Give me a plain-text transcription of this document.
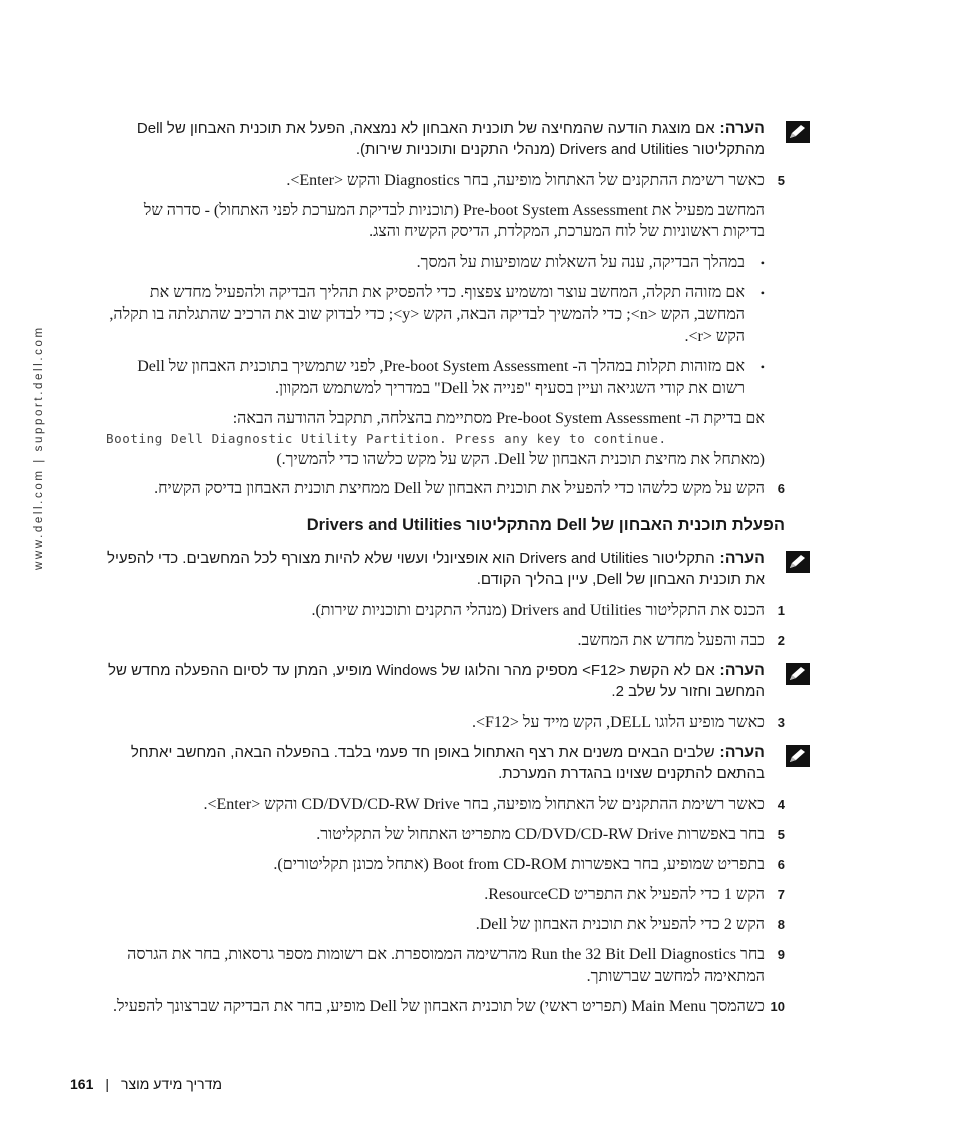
www.dell.com | support.dell.com
הערה: אם מוצגת הודעה שהמחיצה של תוכנית האבחון לא נמצאה, הפעל את תוכנית האבחון של Dell מהתקליטור Drivers and Utilities (מנהלי התקנים ותוכניות שירות).
5
כאשר רשימת ההתקנים של האתחול מופיעה, בחר Diagnostics והקש <Enter>.
המחשב מפעיל את Pre-boot System Assessment (תוכניות לבדיקת המערכת לפני האתחול) - סדרה של בדיקות ראשוניות של לוח המערכת, המקלדת, הדיסק הקשיח והצג.
• במהלך הבדיקה, ענה על השאלות שמופיעות על המסך.
• אם מזוהה תקלה, המחשב עוצר ומשמיע צפצוף. כדי להפסיק את תהליך הבדיקה ולהפעיל מחדש את המחשב, הקש <n>; כדי להמשיך לבדיקה הבאה, הקש <y>; כדי לבדוק שוב את הרכיב שהתגלתה בו תקלה, הקש <r>.
• אם מזוהות תקלות במהלך ה- Pre-boot System Assessment, לפני שתמשיך בתוכנית האבחון של Dell רשום את קודי השגיאה ועיין בסעיף "פנייה אל Dell" במדריך למשתמש המקוון.
אם בדיקת ה- Pre-boot System Assessment מסתיימת בהצלחה, תתקבל ההודעה הבאה:
Booting Dell Diagnostic Utility Partition. Press any key to continue.
(מאתחל את מחיצת תוכנית האבחון של Dell. הקש על מקש כלשהו כדי להמשיך.)
6
הקש על מקש כלשהו כדי להפעיל את תוכנית האבחון של Dell ממחיצת תוכנית האבחון בדיסק הקשיח.
הפעלת תוכנית האבחון של Dell מהתקליטור Drivers and Utilities
הערה: התקליטור Drivers and Utilities הוא אופציונלי ועשוי שלא להיות מצורף לכל המחשבים. כדי להפעיל את תוכנית האבחון של Dell, עיין בהליך הקודם.
1
הכנס את התקליטור Drivers and Utilities (מנהלי התקנים ותוכניות שירות).
2
כבה והפעל מחדש את המחשב.
הערה: אם לא הקשת <F12> מספיק מהר והלוגו של Windows מופיע, המתן עד לסיום ההפעלה מחדש של המחשב וחזור על שלב 2.
3
כאשר מופיע הלוגו DELL, הקש מייד על <F12>.
הערה: שלבים הבאים משנים את רצף האתחול באופן חד פעמי בלבד. בהפעלה הבאה, המחשב יאתחל בהתאם להתקנים שצוינו בהגדרת המערכת.
4
כאשר רשימת ההתקנים של האתחול מופיעה, בחר CD/DVD/CD-RW Drive והקש <Enter>.
5
בחר באפשרות CD/DVD/CD-RW Drive מתפריט האתחול של התקליטור.
6
בתפריט שמופיע, בחר באפשרות Boot from CD-ROM (אתחל מכונן תקליטורים).
7
הקש 1 כדי להפעיל את התפריט ResourceCD.
8
הקש 2 כדי להפעיל את תוכנית האבחון של Dell.
9
בחר Run the 32 Bit Dell Diagnostics מהרשימה הממוספרת. אם רשומות מספר גרסאות, בחר את הגרסה המתאימה למחשב שברשותך.
10
כשהמסך Main Menu (תפריט ראשי) של תוכנית האבחון של Dell מופיע, בחר את הבדיקה שברצונך להפעיל.
161 | מדריך מידע מוצר
